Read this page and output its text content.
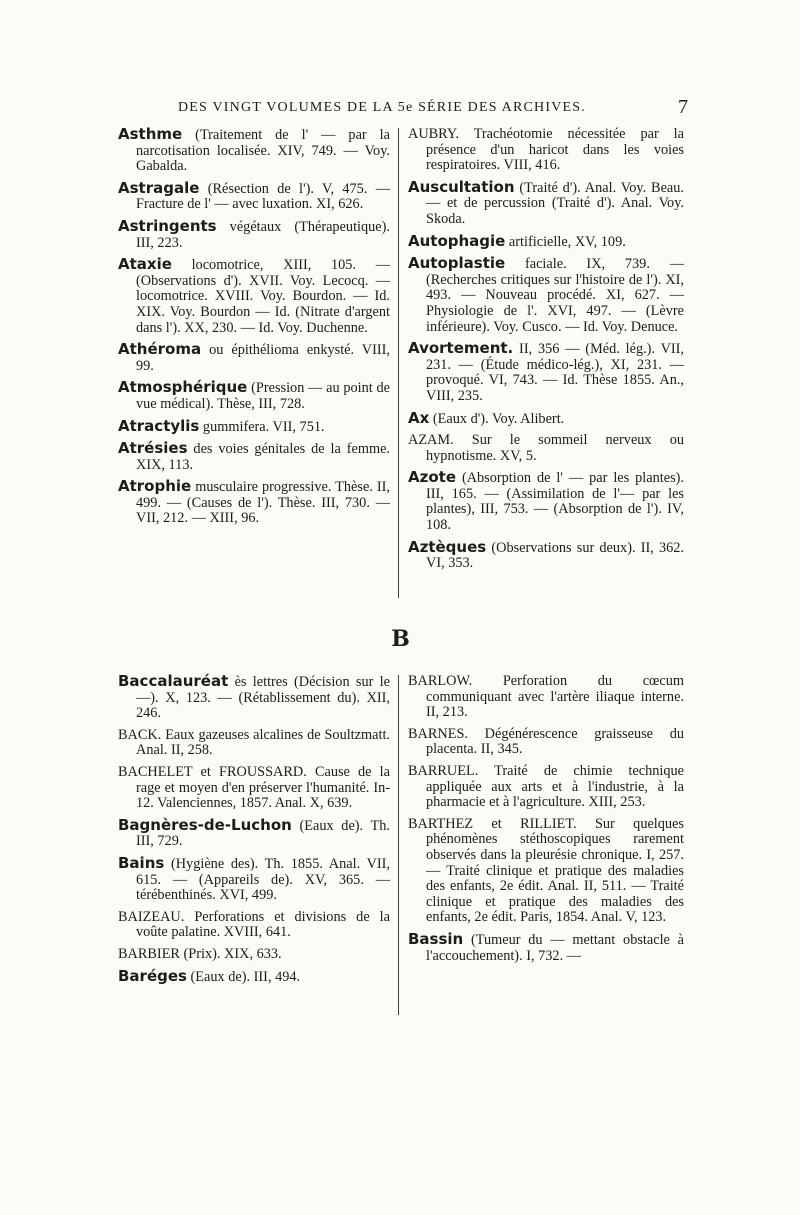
DES VINGT VOLUMES DE LA 5e SÉRIE DES ARCHIVES.	7

Asthme (Traitement de l' — par la narcotisation localisée. XIV, 749. — Voy. Gabalda.

Astragale (Résection de l'). V, 475. — Fracture de l' — avec luxation. XI, 626.

Astringents végétaux (Thérapeutique). III, 223.

Ataxie locomotrice, XIII, 105. — (Observations d'). XVII. Voy. Lecocq. — locomotrice. XVIII. Voy. Bourdon. — Id. XIX. Voy. Bourdon — Id. (Nitrate d'argent dans l'). XX, 230. — Id. Voy. Duchenne.

Athéroma ou épithélioma enkysté. VIII, 99.

Atmosphérique (Pression — au point de vue médical). Thèse, III, 728.

Atractylis gummifera. VII, 751.

Atrésies des voies génitales de la femme. XIX, 113.

Atrophie musculaire progressive. Thèse. II, 499. — (Causes de l'). Thèse. III, 730. — VII, 212. — XIII, 96.

AUBRY. Trachéotomie nécessitée par la présence d'un haricot dans les voies respiratoires. VIII, 416.

Auscultation (Traité d'). Anal. Voy. Beau. — et de percussion (Traité d'). Anal. Voy. Skoda.

Autophagie artificielle, XV, 109.

Autoplastie faciale. IX, 739. — (Recherches critiques sur l'histoire de l'). XI, 493. — Nouveau procédé. XI, 627. — Physiologie de l'. XVI, 497. — (Lèvre inférieure). Voy. Cusco. — Id. Voy. Denuce.

Avortement. II, 356 — (Méd. lég.). VII, 231. — (Étude médico-lég.), XI, 231. — provoqué. VI, 743. — Id. Thèse 1855. An., VIII, 235.

Ax (Eaux d'). Voy. Alibert.

AZAM. Sur le sommeil nerveux ou hypnotisme. XV, 5.

Azote (Absorption de l' — par les plantes). III, 165. — (Assimilation de l'— par les plantes), III, 753. — (Absorption de l'). IV, 108.

Aztèques (Observations sur deux). II, 362. VI, 353.

B

Baccalauréat ès lettres (Décision sur le —). X, 123. — (Rétablissement du). XII, 246.

BACK. Eaux gazeuses alcalines de Soultzmatt. Anal. II, 258.

BACHELET et FROUSSARD. Cause de la rage et moyen d'en préserver l'humanité. In-12. Valenciennes, 1857. Anal. X, 639.

Bagnères-de-Luchon (Eaux de). Th. III, 729.

Bains (Hygiène des). Th. 1855. Anal. VII, 615. — (Appareils de). XV, 365. — térébenthinés. XVI, 499.

BAIZEAU. Perforations et divisions de la voûte palatine. XVIII, 641.

BARBIER (Prix). XIX, 633.

Baréges (Eaux de). III, 494.

BARLOW. Perforation du cœcum communiquant avec l'artère iliaque interne. II, 213.

BARNES. Dégénérescence graisseuse du placenta. II, 345.

BARRUEL. Traité de chimie technique appliquée aux arts et à l'industrie, à la pharmacie et à l'agriculture. XIII, 253.

BARTHEZ et RILLIET. Sur quelques phénomènes stéthoscopiques rarement observés dans la pleurésie chronique. I, 257. — Traité clinique et pratique des maladies des enfants, 2e édit. Anal. II, 511. — Traité clinique et pratique des maladies des enfants, 2e édit. Paris, 1854. Anal. V, 123.

Bassin (Tumeur du — mettant obstacle à l'accouchement). I, 732. —
